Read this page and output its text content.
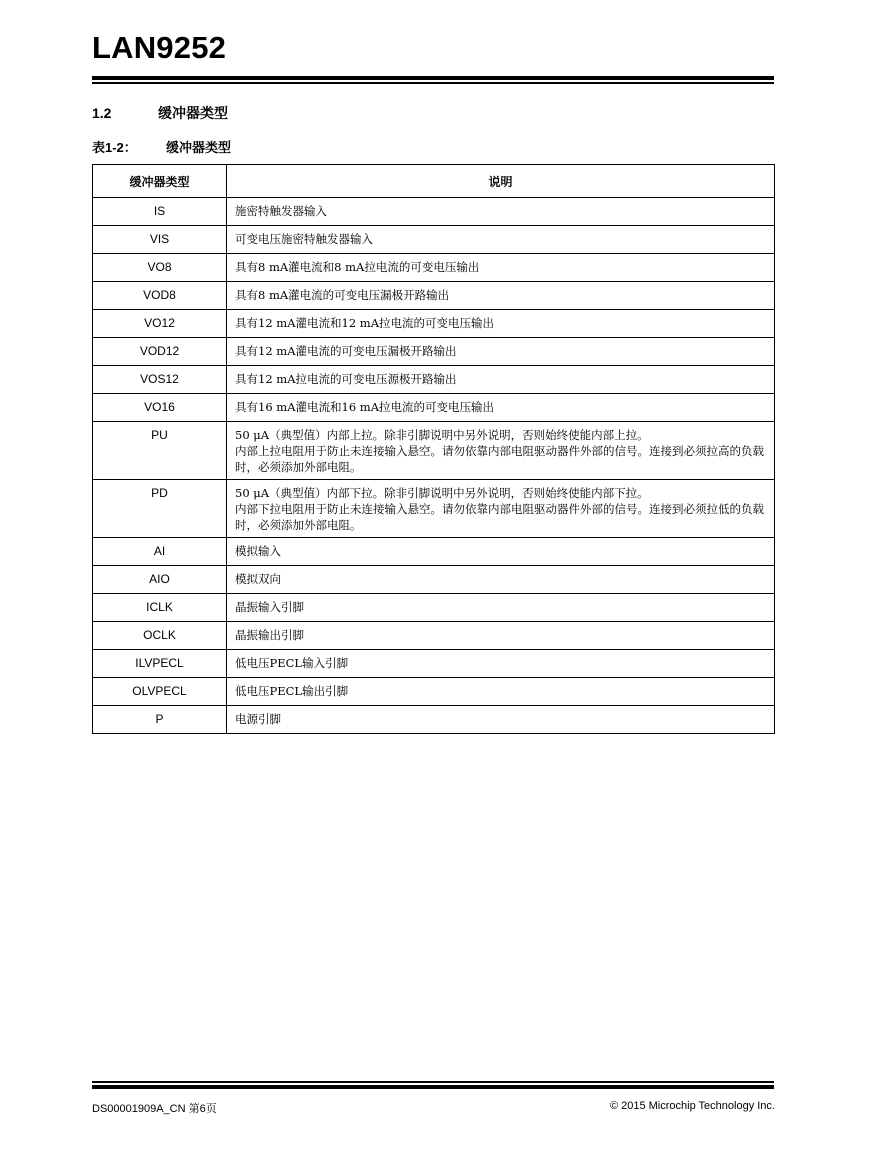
LAN9252
1.2	缓冲器类型
表1-2： 缓冲器类型
缓冲器类型	说明
IS	施密特触发器输入

VIS	可变电压施密特触发器输入

VO8	具有8 mA灌电流和8 mA拉电流的可变电压输出

VOD8	具有8 mA灌电流的可变电压漏极开路输出

VO12	具有12 mA灌电流和12 mA拉电流的可变电压输出

VOD12	具有12 mA灌电流的可变电压漏极开路输出

VOS12	具有12 mA拉电流的可变电压源极开路输出

VO16	具有16 mA灌电流和16 mA拉电流的可变电压输出

PU	50 μA（典型值）内部上拉。除非引脚说明中另外说明，否则始终使能内部上拉。
内部上拉电阻用于防止未连接输入悬空。请勿依靠内部电阻驱动器件外部的信号。连接到必须拉高的负载时，必须添加外部电阻。

PD	50 μA（典型值）内部下拉。除非引脚说明中另外说明，否则始终使能内部下拉。
内部下拉电阻用于防止未连接输入悬空。请勿依靠内部电阻驱动器件外部的信号。连接到必须拉低的负载时，必须添加外部电阻。

AI	模拟输入

AIO	模拟双向

ICLK	晶振输入引脚

OCLK	晶振输出引脚

ILVPECL	低电压PECL输入引脚

OLVPECL	低电压PECL输出引脚

P	电源引脚
DS00001909A_CN 第6页	© 2015 Microchip Technology Inc.
